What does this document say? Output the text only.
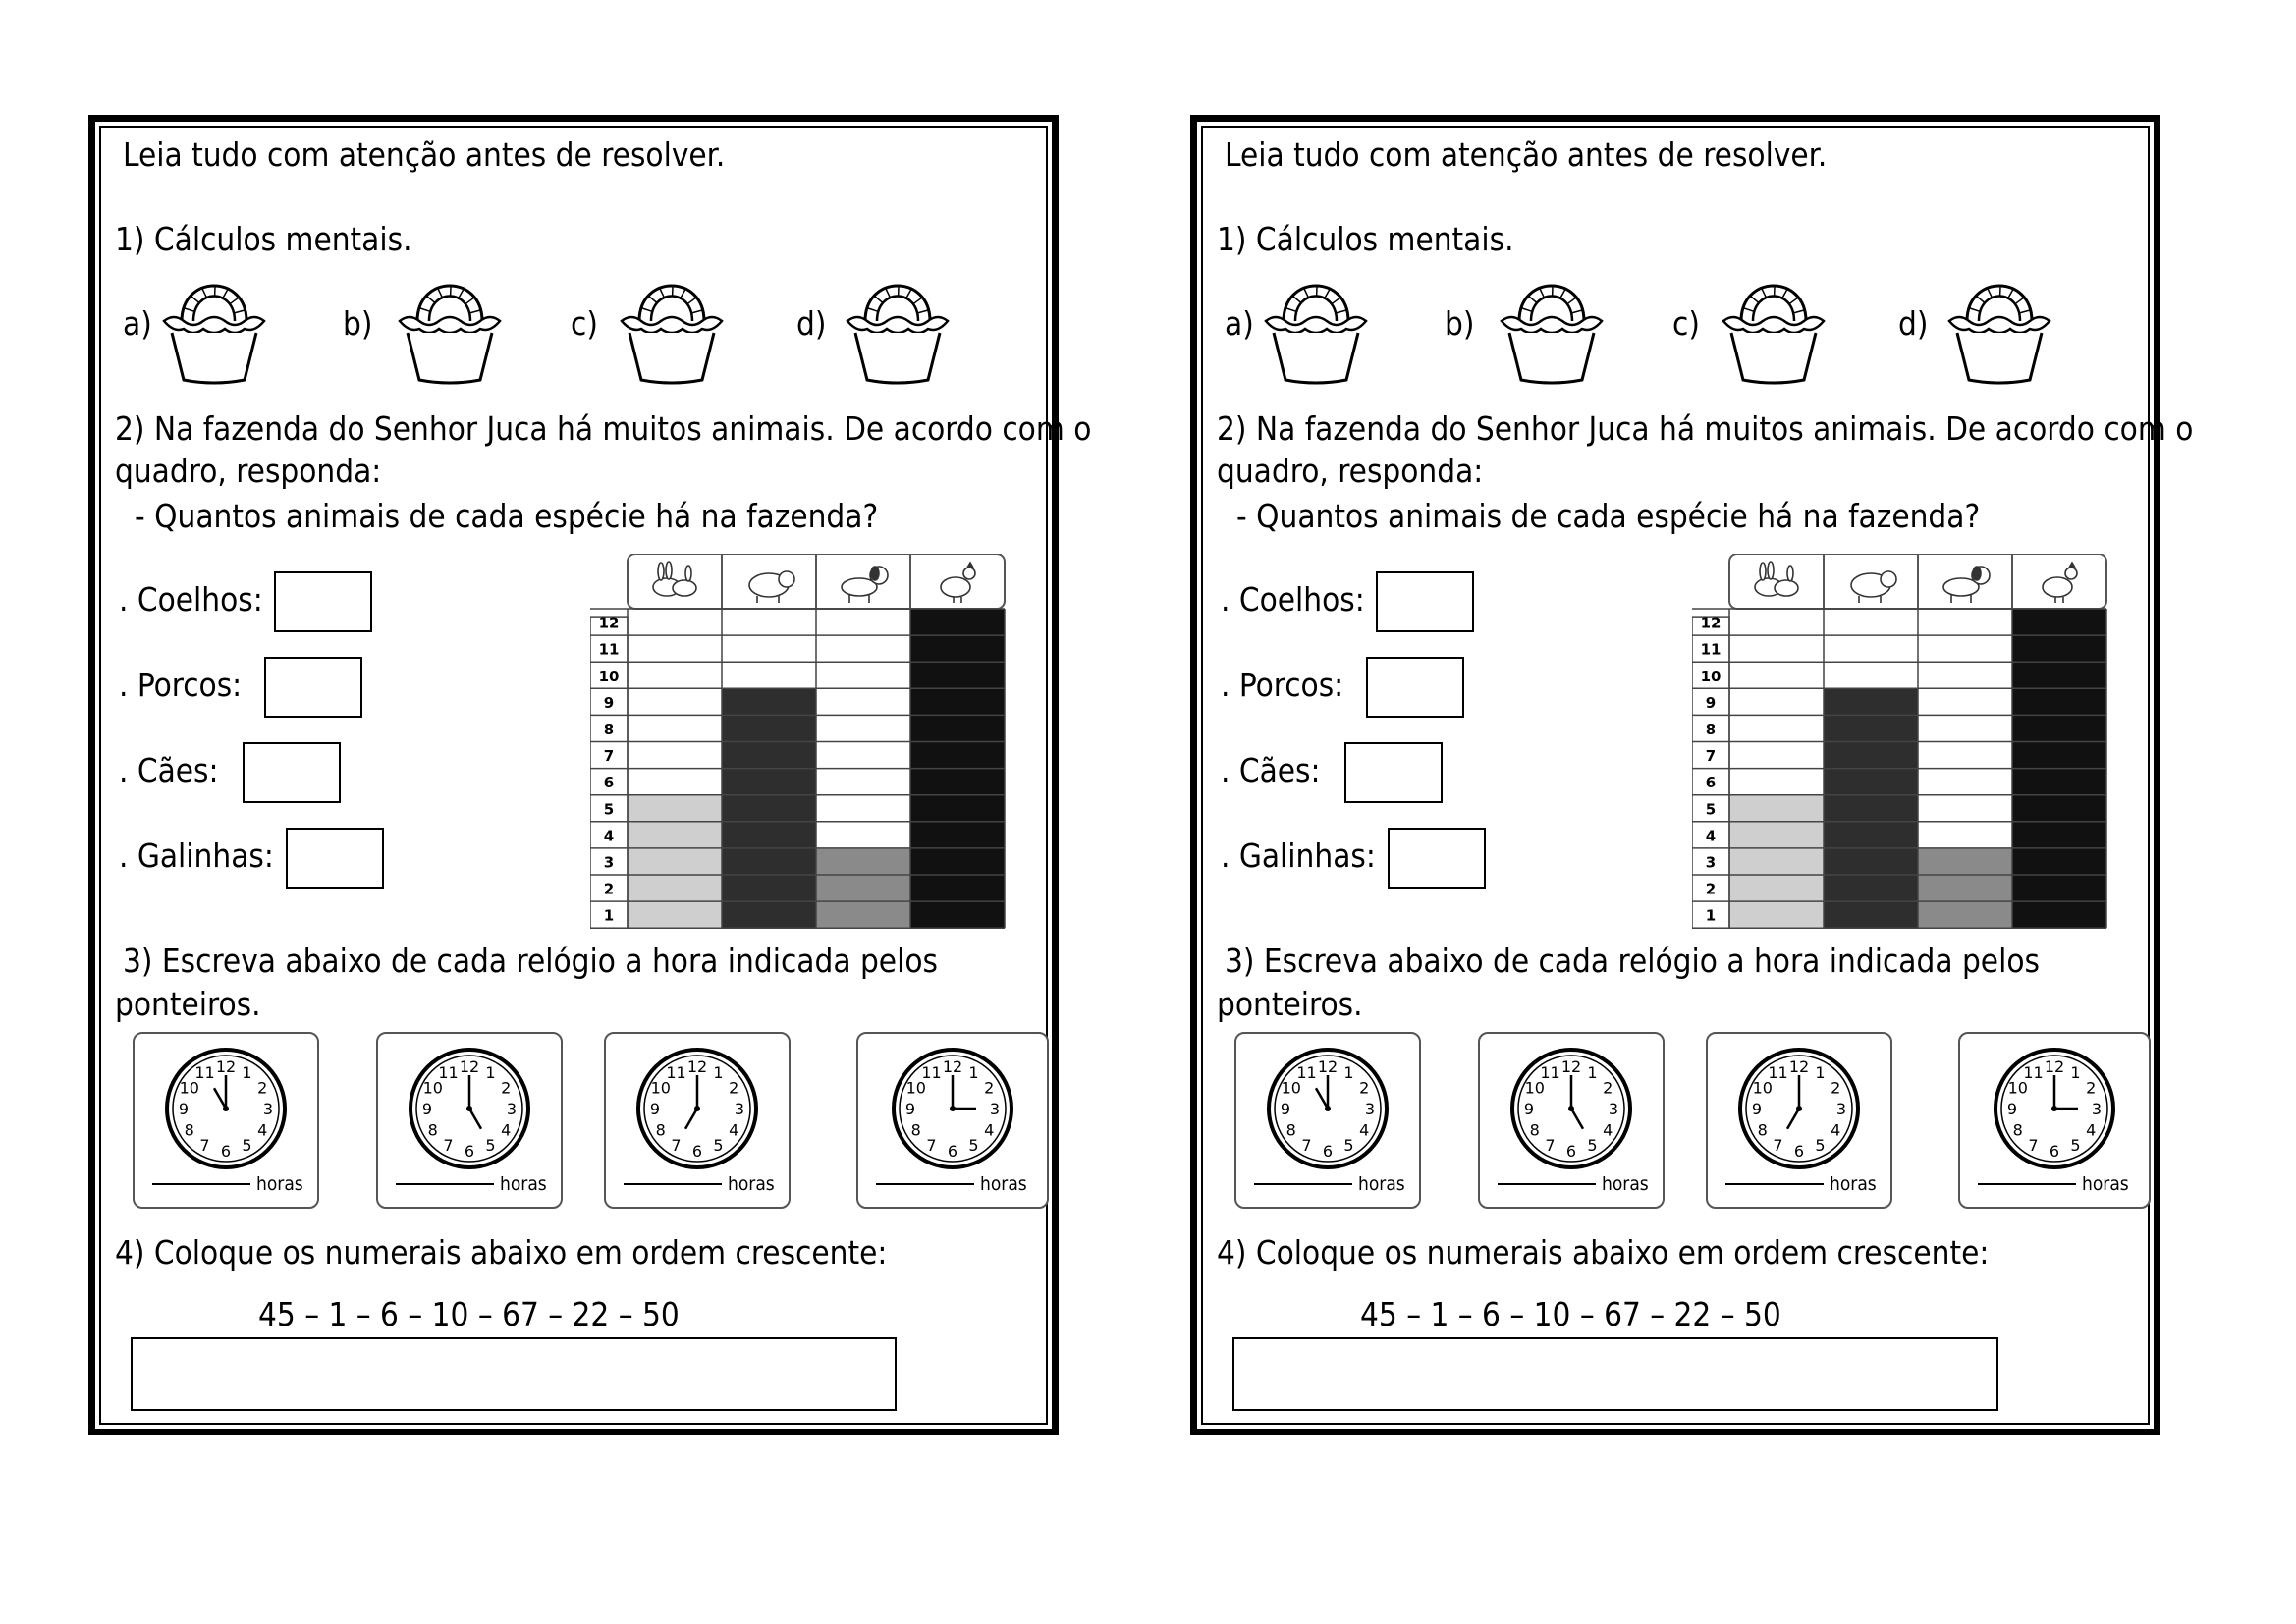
Leia tudo com atenção antes de resolver.
1) Cálculos mentais.
a)	b)	c)	d)
2) Na fazenda do Senhor Juca há muitos animais. De acordo com o
quadro, responda:
- Quantos animais de cada espécie há na fazenda?
. Coelhos:
. Porcos:
. Cães:
. Galinhas:
1
2
3
4
5
6
7
8
9
10
11
12
3) Escreva abaixo de cada relógio a hora indicada pelos
ponteiros.
1
2
3
4
5
6
7
8
9
10
11 12
horas
1
2
3
4
5
6
7
8
9
10
11 12
horas
1
2
3
4
5
6
7
8
9
10
11 12
horas
1
2
3
4
5
6
7
8
9
10
11 12
horas
4) Coloque os numerais abaixo em ordem crescente:
45 – 1 – 6 – 10 – 67 – 22 – 50
Leia tudo com atenção antes de resolver.
1) Cálculos mentais.
a)	b)	c)	d)
2) Na fazenda do Senhor Juca há muitos animais. De acordo com o
quadro, responda:
- Quantos animais de cada espécie há na fazenda?
. Coelhos:
. Porcos:
. Cães:
. Galinhas:
1
2
3
4
5
6
7
8
9
10
11
12
3) Escreva abaixo de cada relógio a hora indicada pelos
ponteiros.
1
2
3
4
5
6
7
8
9
10
11 12
horas
1
2
3
4
5
6
7
8
9
10
11 12
horas
1
2
3
4
5
6
7
8
9
10
11 12
horas
1
2
3
4
5
6
7
8
9
10
11 12
horas
4) Coloque os numerais abaixo em ordem crescente:
45 – 1 – 6 – 10 – 67 – 22 – 50
